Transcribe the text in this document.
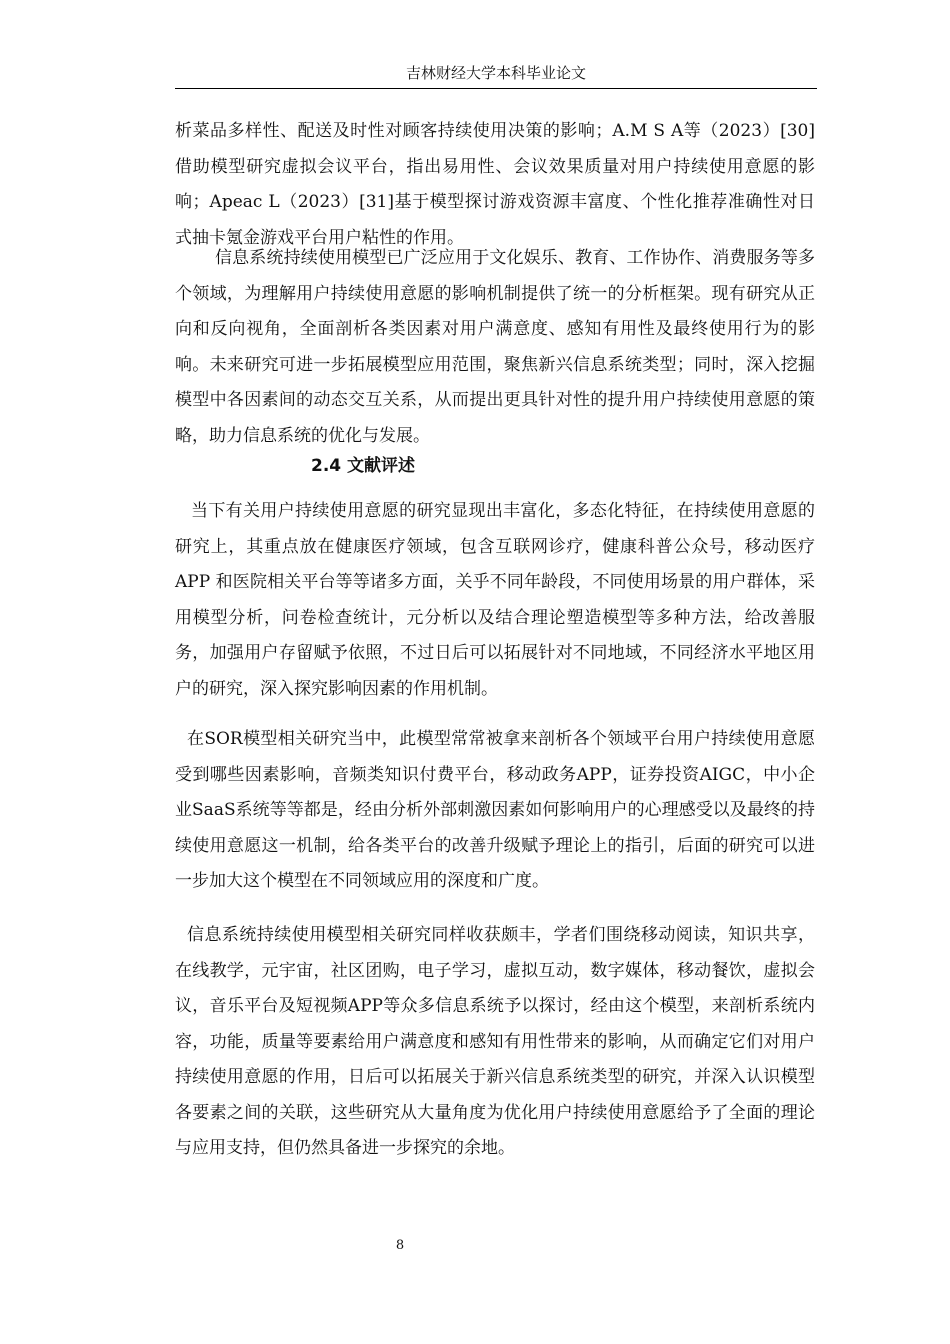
吉林财经大学本科毕业论文

析菜品多样性、配送及时性对顾客持续使用决策的影响；A.M S A等（2023）[30]借助模型研究虚拟会议平台，指出易用性、会议效果质量对用户持续使用意愿的影响；Apeac L（2023）[31]基于模型探讨游戏资源丰富度、个性化推荐准确性对日式抽卡氪金游戏平台用户粘性的作用。

信息系统持续使用模型已广泛应用于文化娱乐、教育、工作协作、消费服务等多个领域，为理解用户持续使用意愿的影响机制提供了统一的分析框架。现有研究从正向和反向视角，全面剖析各类因素对用户满意度、感知有用性及最终使用行为的影响。未来研究可进一步拓展模型应用范围，聚焦新兴信息系统类型；同时，深入挖掘模型中各因素间的动态交互关系，从而提出更具针对性的提升用户持续使用意愿的策略，助力信息系统的优化与发展。

2.4 文献评述

当下有关用户持续使用意愿的研究显现出丰富化，多态化特征，在持续使用意愿的研究上，其重点放在健康医疗领域，包含互联网诊疗，健康科普公众号，移动医疗 APP 和医院相关平台等等诸多方面，关乎不同年龄段，不同使用场景的用户群体，采用模型分析，问卷检查统计，元分析以及结合理论塑造模型等多种方法，给改善服务，加强用户存留赋予依照，不过日后可以拓展针对不同地域，不同经济水平地区用户的研究，深入探究影响因素的作用机制。

在SOR模型相关研究当中，此模型常常被拿来剖析各个领域平台用户持续使用意愿受到哪些因素影响，音频类知识付费平台，移动政务APP，证券投资AIGC，中小企业SaaS系统等等都是，经由分析外部刺激因素如何影响用户的心理感受以及最终的持续使用意愿这一机制，给各类平台的改善升级赋予理论上的指引，后面的研究可以进一步加大这个模型在不同领域应用的深度和广度。

信息系统持续使用模型相关研究同样收获颇丰，学者们围绕移动阅读，知识共享，在线教学，元宇宙，社区团购，电子学习，虚拟互动，数字媒体，移动餐饮，虚拟会议，音乐平台及短视频APP等众多信息系统予以探讨，经由这个模型，来剖析系统内容，功能，质量等要素给用户满意度和感知有用性带来的影响，从而确定它们对用户持续使用意愿的作用，日后可以拓展关于新兴信息系统类型的研究，并深入认识模型各要素之间的关联，这些研究从大量角度为优化用户持续使用意愿给予了全面的理论与应用支持，但仍然具备进一步探究的余地。

8
